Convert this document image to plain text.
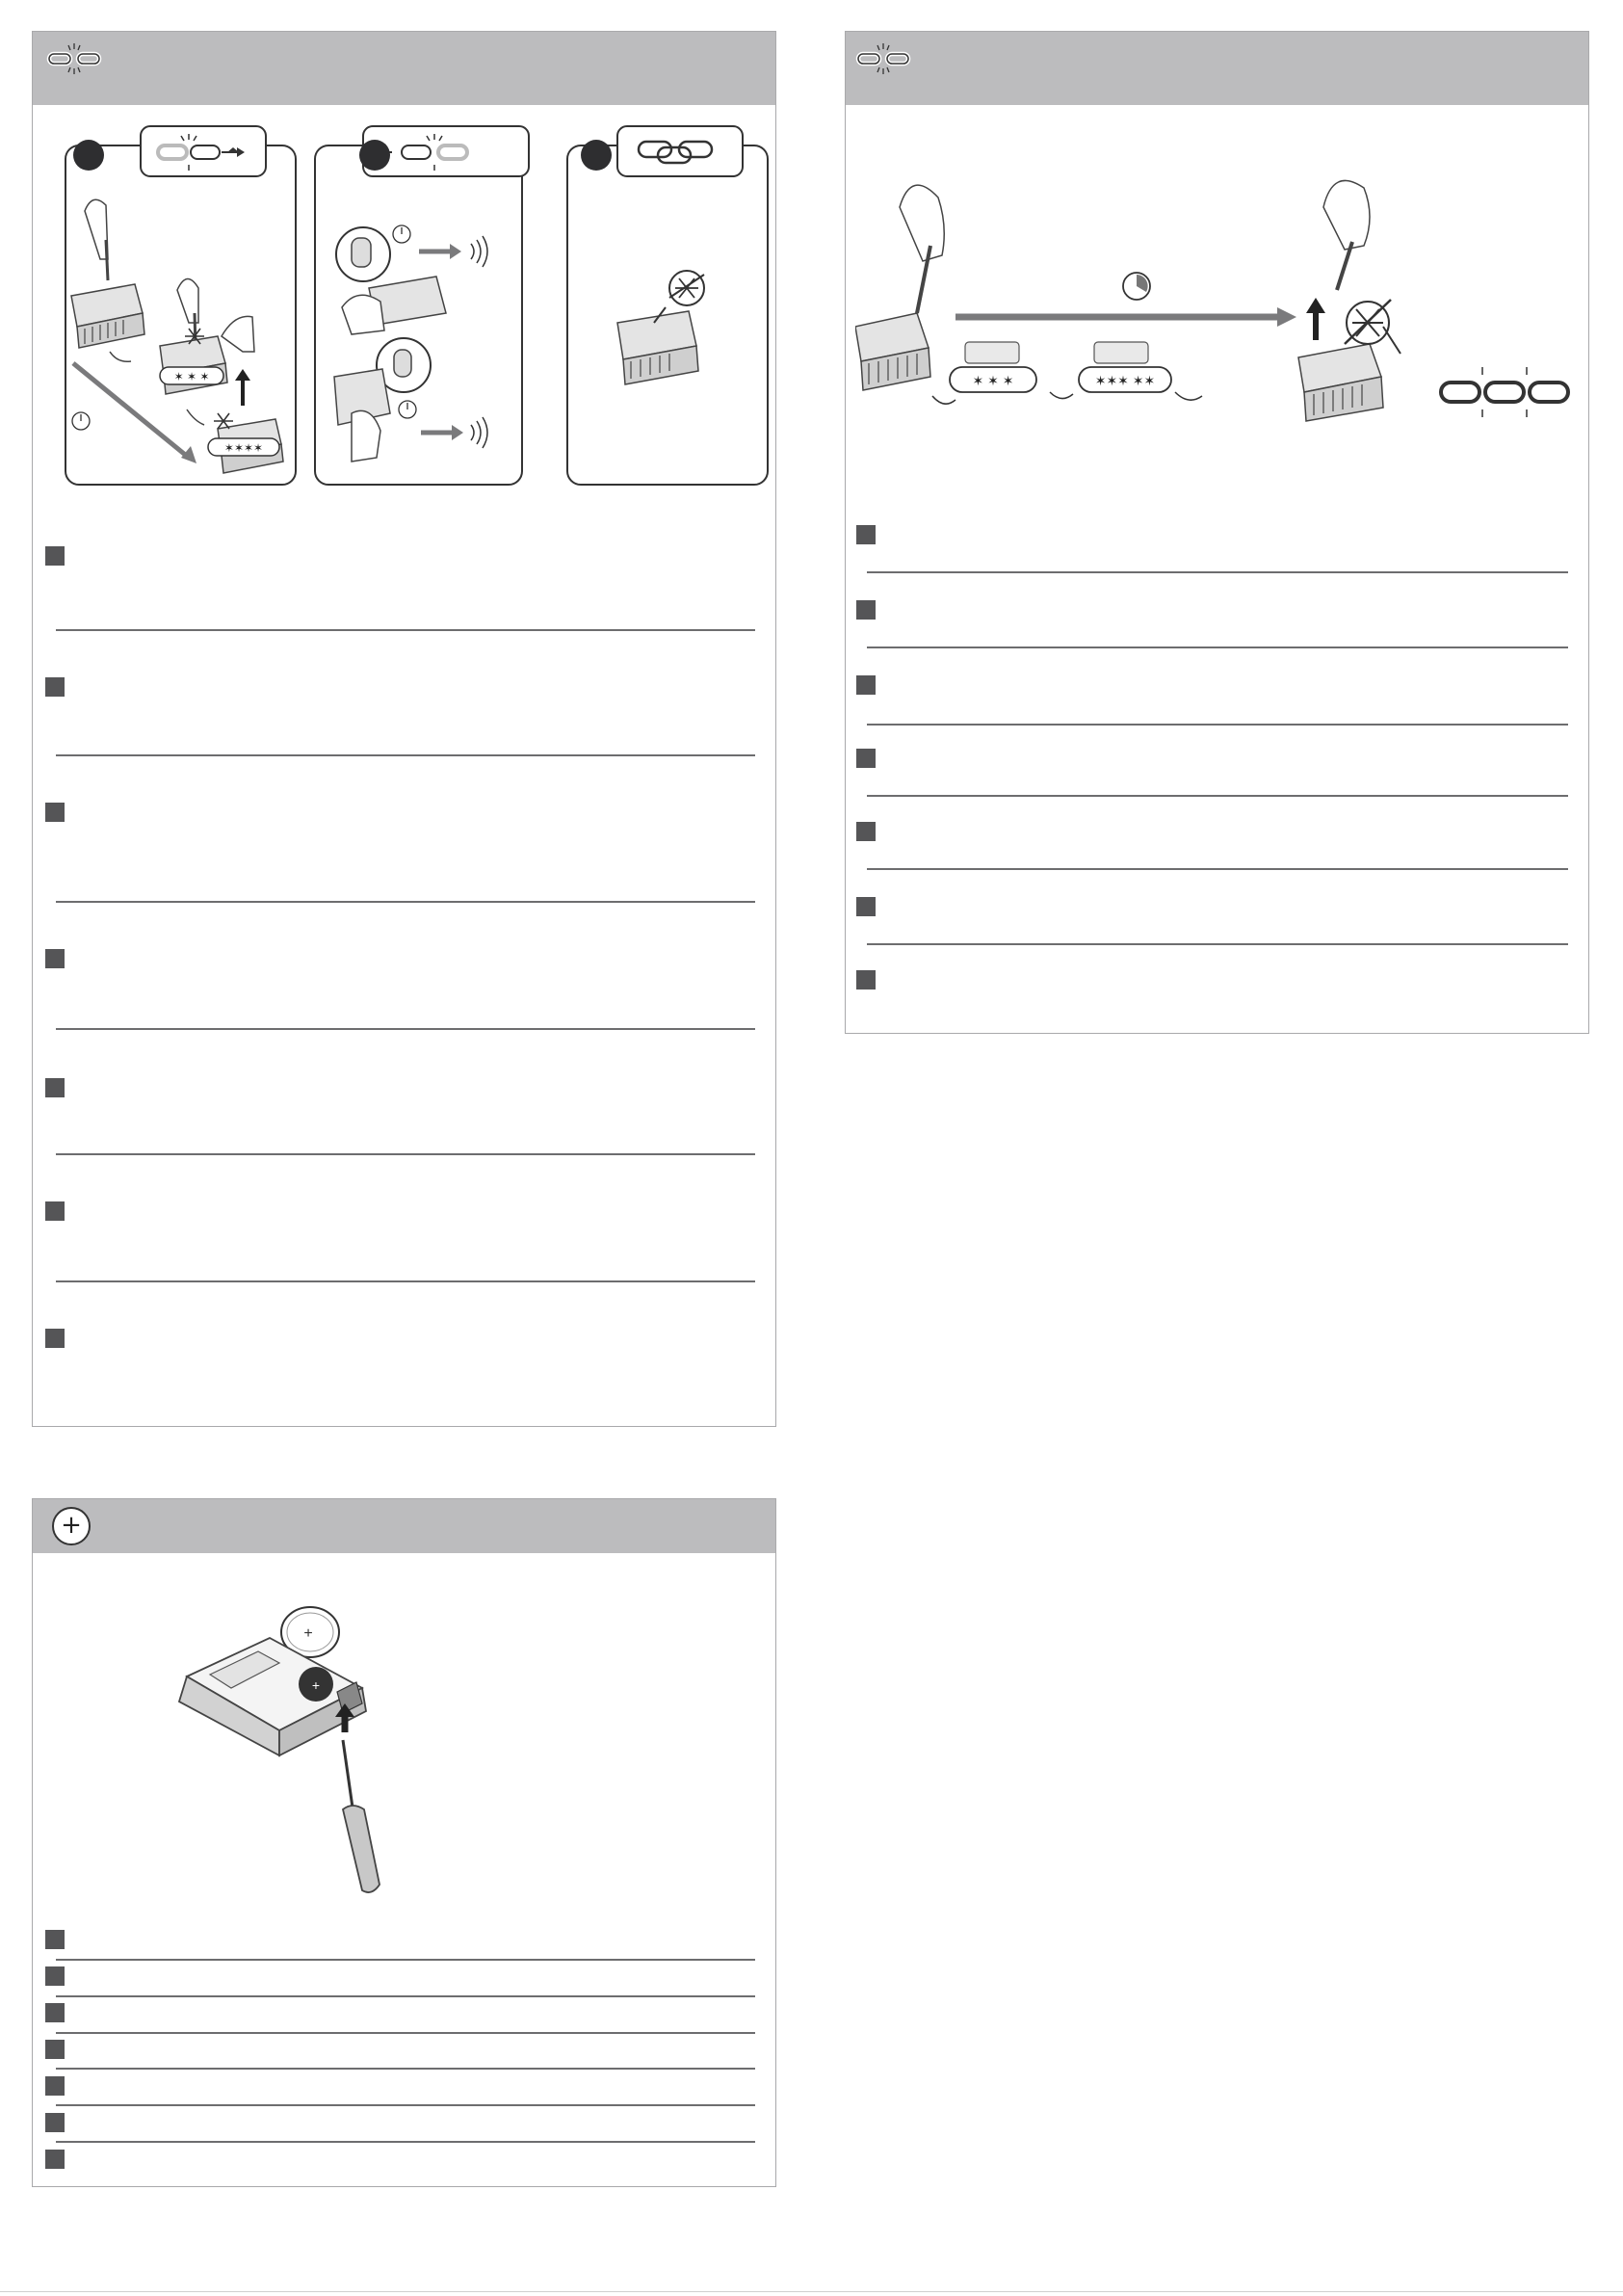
✶ ✶ ✶
✶✶✶✶
✶ ✶ ✶	✶✶✶ ✶✶
+
+
+
